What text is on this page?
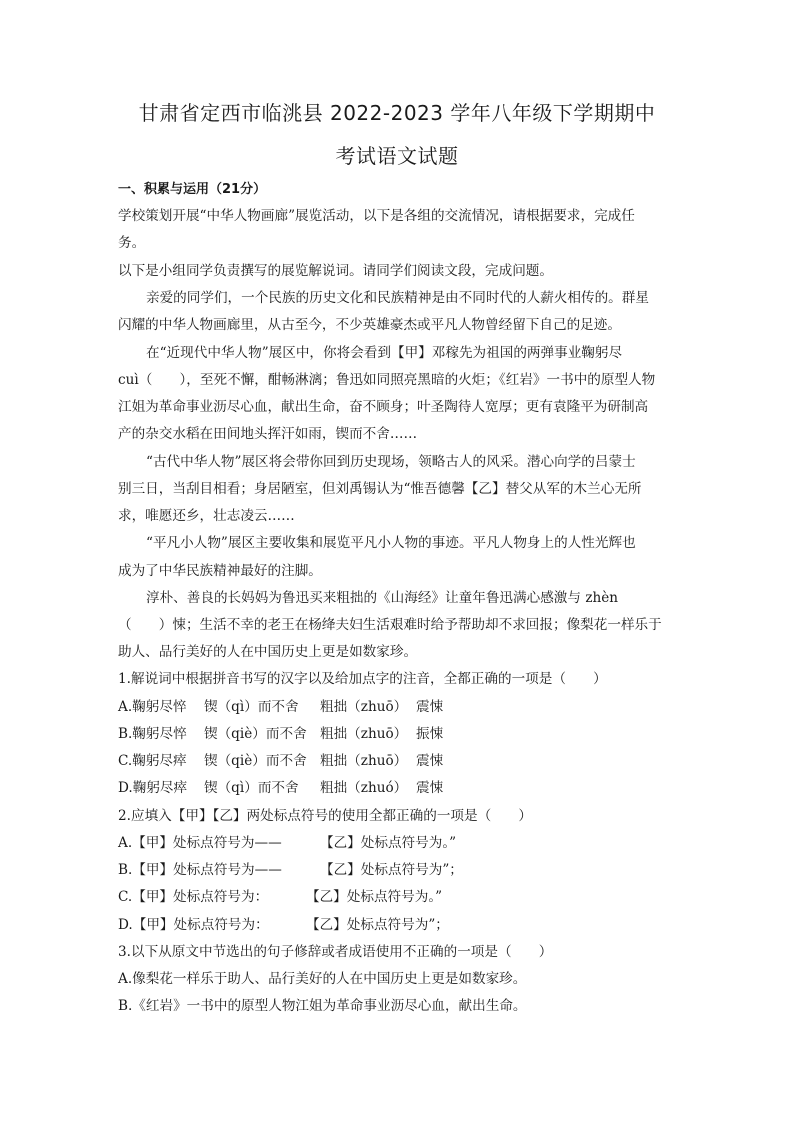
甘肃省定西市临洮县 2022-2023 学年八年级下学期期中
考试语文试题
一、积累与运用（21分）
学校策划开展“中华人物画廊”展览活动，以下是各组的交流情况，请根据要求，完成任
务。
以下是小组同学负责撰写的展览解说词。请同学们阅读文段，完成问题。
亲爱的同学们，一个民族的历史文化和民族精神是由不同时代的人薪火相传的。群星
闪耀的中华人物画廊里，从古至今，不少英雄豪杰或平凡人物曾经留下自己的足迹。
在“近现代中华人物”展区中，你将会看到【甲】邓稼先为祖国的两弹事业鞠躬尽
cuì（　　），至死不懈，酣畅淋漓；鲁迅如同照亮黑暗的火炬；《红岩》一书中的原型人物
江姐为革命事业沥尽心血，献出生命，奋不顾身；叶圣陶待人宽厚；更有袁隆平为研制高
产的杂交水稻在田间地头挥汗如雨，锲而不舍……
“古代中华人物”展区将会带你回到历史现场，领略古人的风采。潜心向学的吕蒙士
别三日，当刮目相看；身居陋室，但刘禹锡认为“惟吾德馨【乙】替父从军的木兰心无所
求，唯愿还乡，壮志凌云……
“平凡小人物”展区主要收集和展览平凡小人物的事迹。平凡人物身上的人性光辉也
成为了中华民族精神最好的注脚。
淳朴、善良的长妈妈为鲁迅买来粗拙的《山海经》让童年鲁迅满心感激与 zhèn
（　　）悚；生活不幸的老王在杨绛夫妇生活艰难时给予帮助却不求回报；像梨花一样乐于
助人、品行美好的人在中国历史上更是如数家珍。
1.解说词中根据拼音书写的汉字以及给加点字的注音，全都正确的一项是（　　）
A.鞠躬尽悴 锲（qì）而不舍 粗拙（zhuō） 震悚
B.鞠躬尽悴 锲（qiè）而不舍 粗拙（zhuō） 振悚
C.鞠躬尽瘁 锲（qiè）而不舍 粗拙（zhuō） 震悚
D.鞠躬尽瘁 锲（qì）而不舍 粗拙（zhuó） 震悚
2.应填入【甲】【乙】两处标点符号的使用全都正确的一项是（　　）
A.【甲】处标点符号为——	【乙】处标点符号为。”
B.【甲】处标点符号为——	【乙】处标点符号为”；
C.【甲】处标点符号为：	【乙】处标点符号为。”
D.【甲】处标点符号为：	【乙】处标点符号为”；
3.以下从原文中节选出的句子修辞或者成语使用不正确的一项是（　　）
A.像梨花一样乐于助人、品行美好的人在中国历史上更是如数家珍。
B.《红岩》一书中的原型人物江姐为革命事业沥尽心血，献出生命。
